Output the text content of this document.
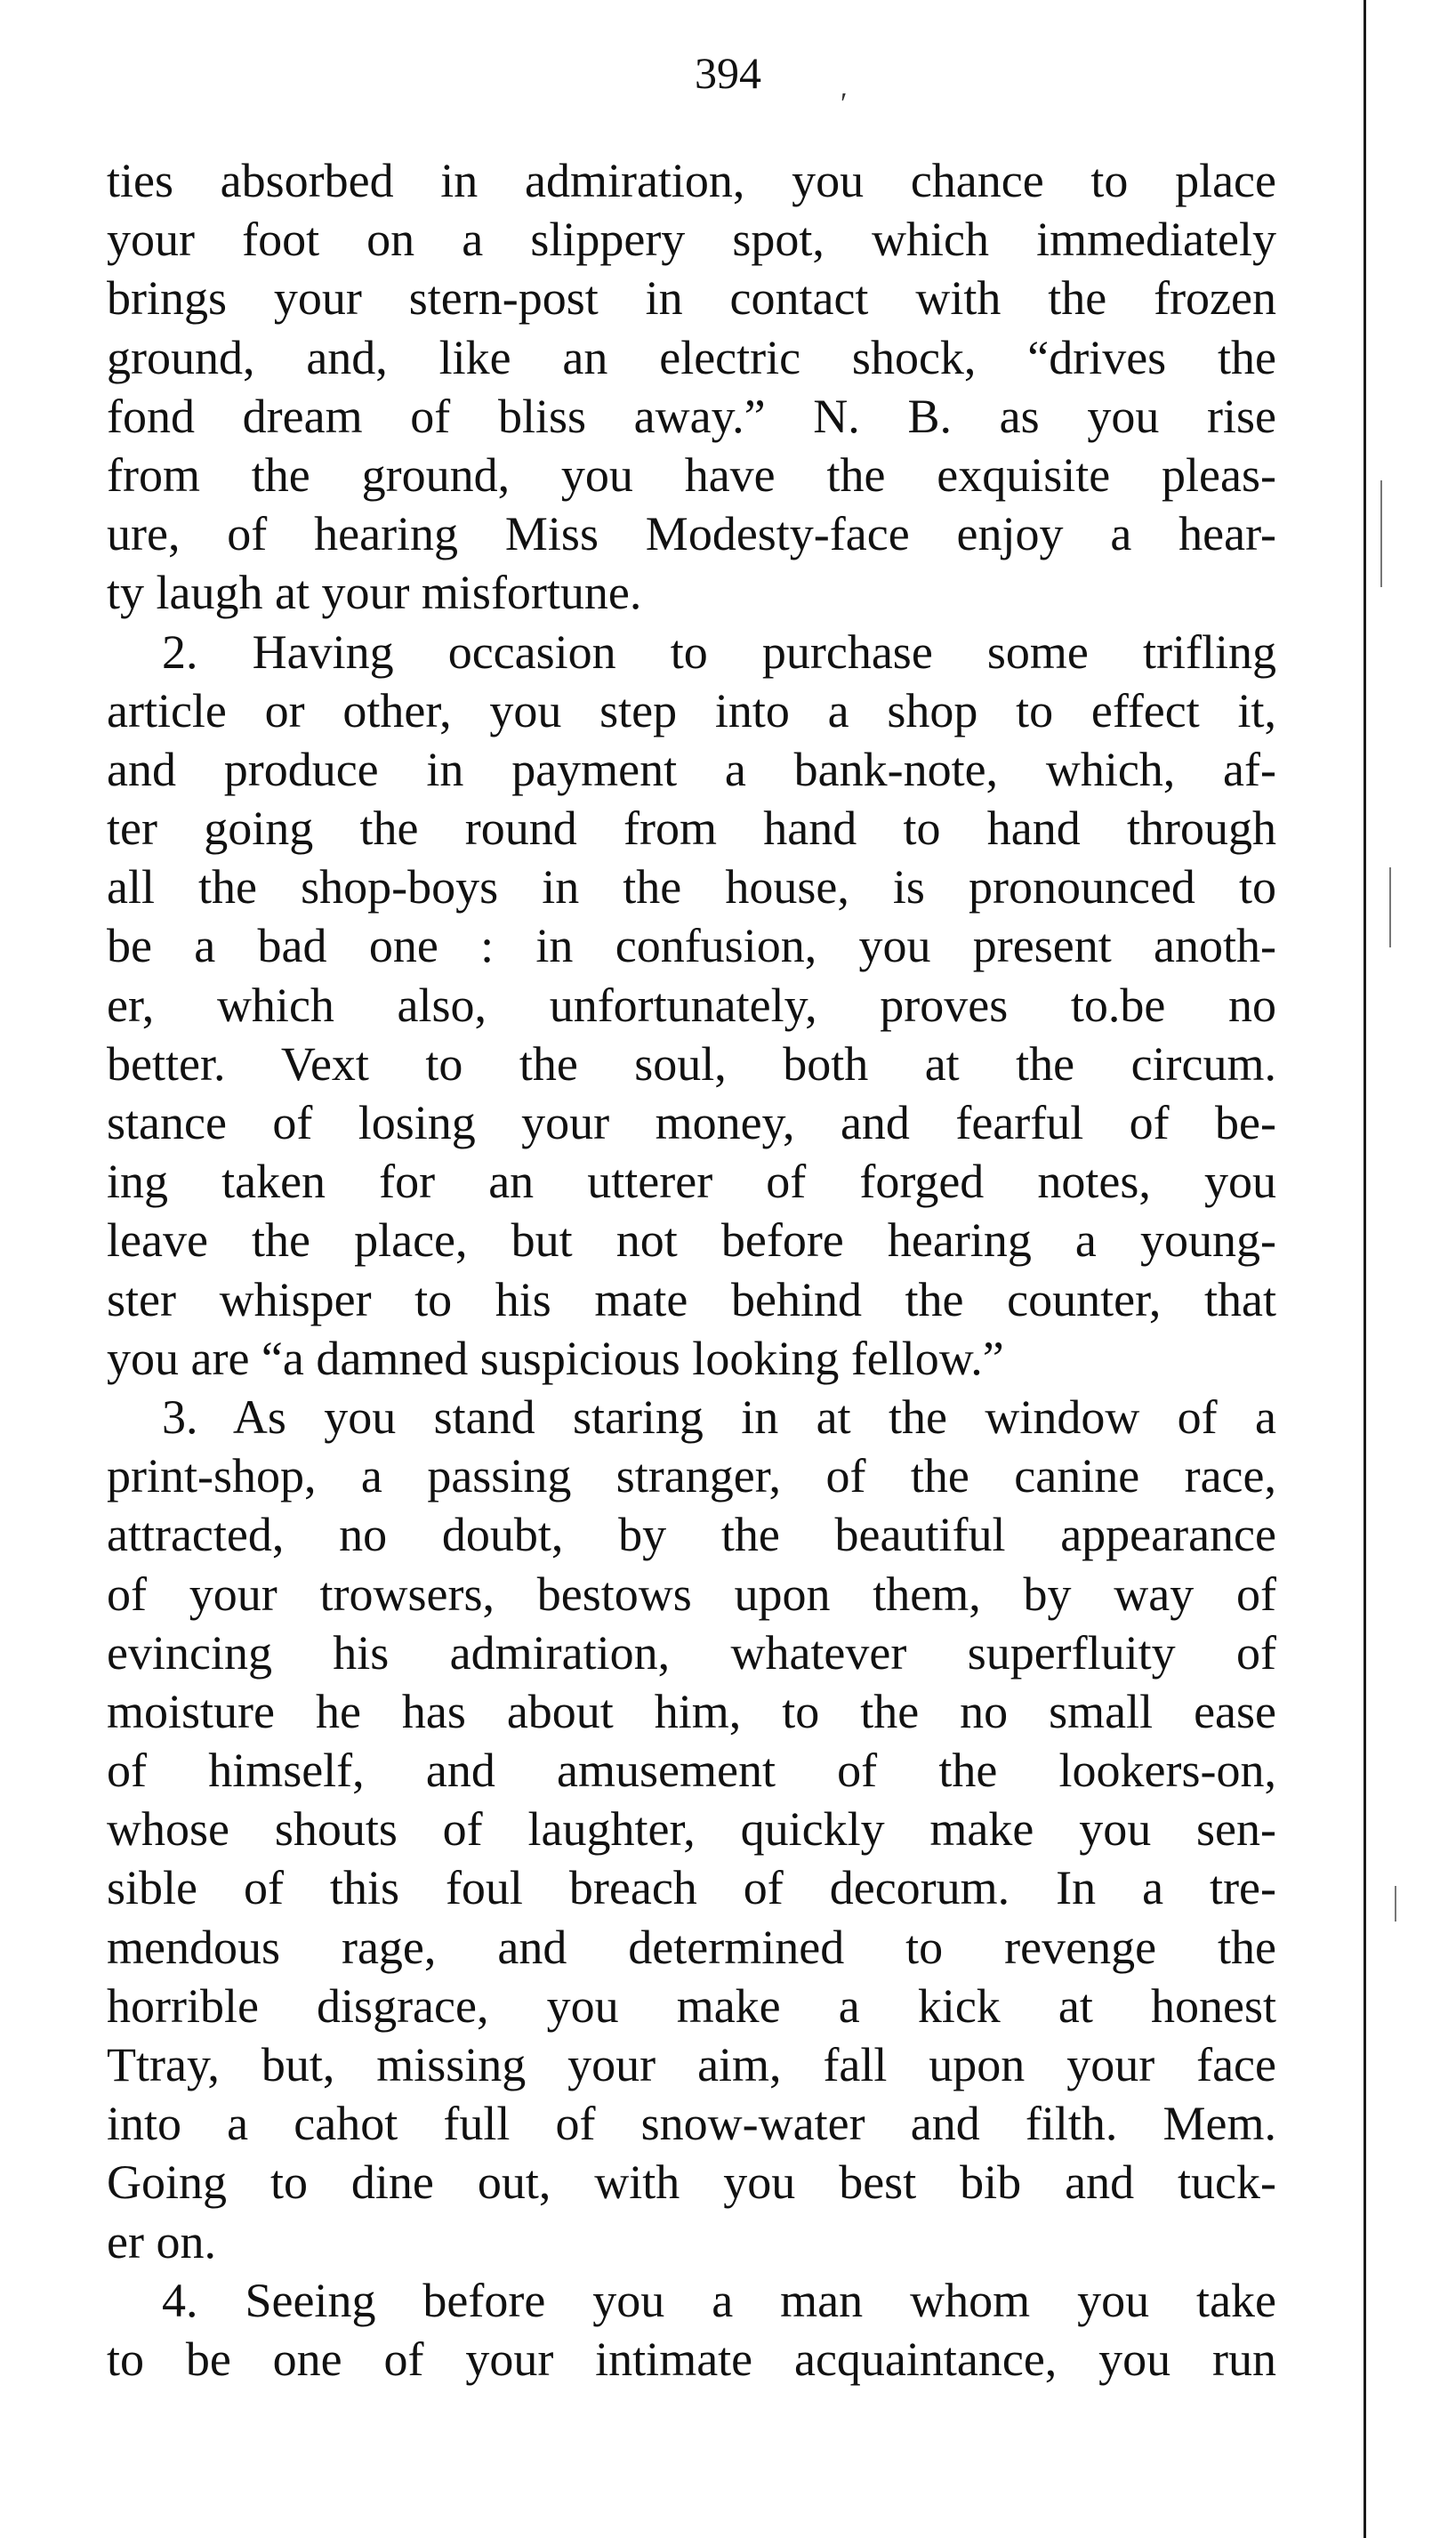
394
′
ties absorbed in admiration, you chance to place
your foot on a slippery spot, which immediately
brings your stern-post in contact with the frozen
ground, and, like an electric shock, “drives the
fond dream of bliss away.” N. B. as you rise
from the ground, you have the exquisite pleas-
ure, of hearing Miss Modesty-face enjoy a hear-
ty laugh at your misfortune.
2. Having occasion to purchase some trifling
article or other, you step into a shop to effect it,
and produce in payment a bank-note, which, af-
ter going the round from hand to hand through
all the shop-boys in the house, is pronounced to
be a bad one : in confusion, you present anoth-
er, which also, unfortunately, proves to.be no
better. Vext to the soul, both at the circum.
stance of losing your money, and fearful of be-
ing taken for an utterer of forged notes, you
leave the place, but not before hearing a young-
ster whisper to his mate behind the counter, that
you are “a damned suspicious looking fellow.”
3. As you stand staring in at the window of a
print-shop, a passing stranger, of the canine race,
attracted, no doubt, by the beautiful appearance
of your trowsers, bestows upon them, by way of
evincing his admiration, whatever superfluity of
moisture he has about him, to the no small ease
of himself, and amusement of the lookers-on,
whose shouts of laughter, quickly make you sen-
sible of this foul breach of decorum. In a tre-
mendous rage, and determined to revenge the
horrible disgrace, you make a kick at honest
Ttray, but, missing your aim, fall upon your face
into a cahot full of snow-water and filth. Mem.
Going to dine out, with you best bib and tuck-
er on.
4. Seeing before you a man whom you take
to be one of your intimate acquaintance, you run
